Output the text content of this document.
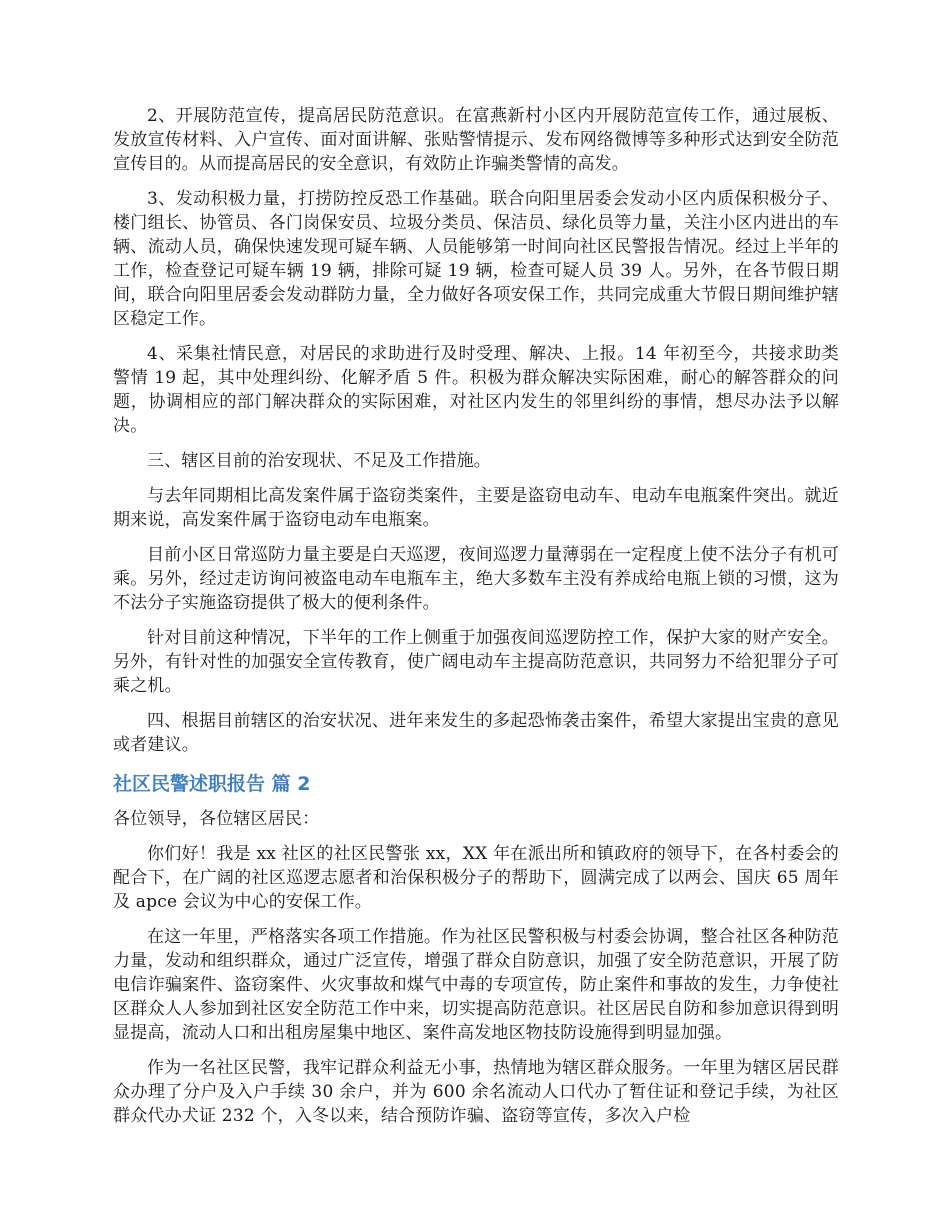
2、开展防范宣传，提高居民防范意识。在富燕新村小区内开展防范宣传工作，通过展板、发放宣传材料、入户宣传、面对面讲解、张贴警情提示、发布网络微博等多种形式达到安全防范宣传目的。从而提高居民的安全意识，有效防止诈骗类警情的高发。

3、发动积极力量，打捞防控反恐工作基础。联合向阳里居委会发动小区内质保积极分子、楼门组长、协管员、各门岗保安员、垃圾分类员、保洁员、绿化员等力量，关注小区内进出的车辆、流动人员，确保快速发现可疑车辆、人员能够第一时间向社区民警报告情况。经过上半年的工作，检查登记可疑车辆 19 辆，排除可疑 19 辆，检查可疑人员 39 人。另外，在各节假日期间，联合向阳里居委会发动群防力量，全力做好各项安保工作，共同完成重大节假日期间维护辖区稳定工作。

4、采集社情民意，对居民的求助进行及时受理、解决、上报。14 年初至今，共接求助类警情 19 起，其中处理纠纷、化解矛盾 5 件。积极为群众解决实际困难，耐心的解答群众的问题，协调相应的部门解决群众的实际困难，对社区内发生的邻里纠纷的事情，想尽办法予以解决。

三、辖区目前的治安现状、不足及工作措施。

与去年同期相比高发案件属于盗窃类案件，主要是盗窃电动车、电动车电瓶案件突出。就近期来说，高发案件属于盗窃电动车电瓶案。

目前小区日常巡防力量主要是白天巡逻，夜间巡逻力量薄弱在一定程度上使不法分子有机可乘。另外，经过走访询问被盗电动车电瓶车主，绝大多数车主没有养成给电瓶上锁的习惯，这为不法分子实施盗窃提供了极大的便利条件。

针对目前这种情况，下半年的工作上侧重于加强夜间巡逻防控工作，保护大家的财产安全。另外，有针对性的加强安全宣传教育，使广阔电动车主提高防范意识，共同努力不给犯罪分子可乘之机。

四、根据目前辖区的治安状况、进年来发生的多起恐怖袭击案件，希望大家提出宝贵的意见或者建议。

社区民警述职报告 篇 2

各位领导，各位辖区居民：

你们好！我是 xx 社区的社区民警张 xx，XX 年在派出所和镇政府的领导下，在各村委会的配合下，在广阔的社区巡逻志愿者和治保积极分子的帮助下，圆满完成了以两会、国庆 65 周年及 apce 会议为中心的安保工作。

在这一年里，严格落实各项工作措施。作为社区民警积极与村委会协调，整合社区各种防范力量，发动和组织群众，通过广泛宣传，增强了群众自防意识，加强了安全防范意识，开展了防电信诈骗案件、盗窃案件、火灾事故和煤气中毒的专项宣传，防止案件和事故的发生，力争使社区群众人人参加到社区安全防范工作中来，切实提高防范意识。社区居民自防和参加意识得到明显提高，流动人口和出租房屋集中地区、案件高发地区物技防设施得到明显加强。

作为一名社区民警，我牢记群众利益无小事，热情地为辖区群众服务。一年里为辖区居民群众办理了分户及入户手续 30 余户，并为 600 余名流动人口代办了暂住证和登记手续，为社区群众代办犬证 232 个，入冬以来，结合预防诈骗、盗窃等宣传，多次入户检
